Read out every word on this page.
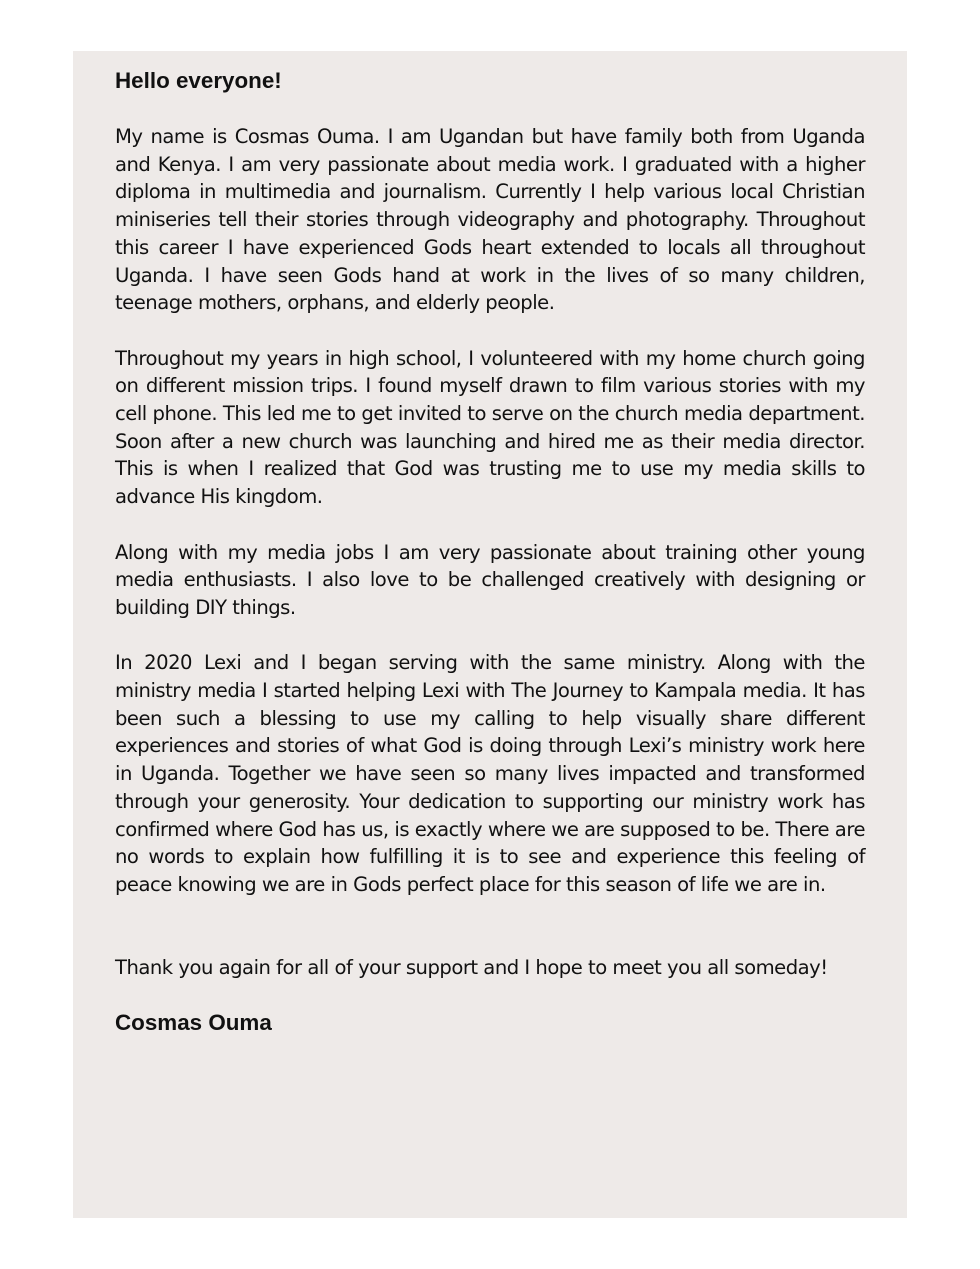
Hello everyone!

My name is Cosmas Ouma. I am Ugandan but have family both from Uganda and Kenya. I am very passionate about media work. I graduated with a higher diploma in multimedia and journalism. Currently I help various local Christian miniseries tell their stories through videography and photography. Throughout this career I have experienced Gods heart extended to locals all throughout Uganda. I have seen Gods hand at work in the lives of so many children, teenage mothers, orphans, and elderly people.

Throughout my years in high school, I volunteered with my home church going on different mission trips. I found myself drawn to film various stories with my cell phone. This led me to get invited to serve on the church media department. Soon after a new church was launching and hired me as their media director. This is when I realized that God was trusting me to use my media skills to advance His kingdom.

Along with my media jobs I am very passionate about training other young media enthusiasts. I also love to be challenged creatively with designing or building DIY things.

In 2020 Lexi and I began serving with the same ministry. Along with the ministry media I started helping Lexi with The Journey to Kampala media. It has been such a blessing to use my calling to help visually share different experiences and stories of what God is doing through Lexi’s ministry work here in Uganda. Together we have seen so many lives impacted and transformed through your generosity. Your dedication to supporting our ministry work has confirmed where God has us, is exactly where we are supposed to be. There are no words to explain how fulfilling it is to see and experience this feeling of peace knowing we are in Gods perfect place for this season of life we are in.

Thank you again for all of your support and I hope to meet you all someday!

Cosmas Ouma
